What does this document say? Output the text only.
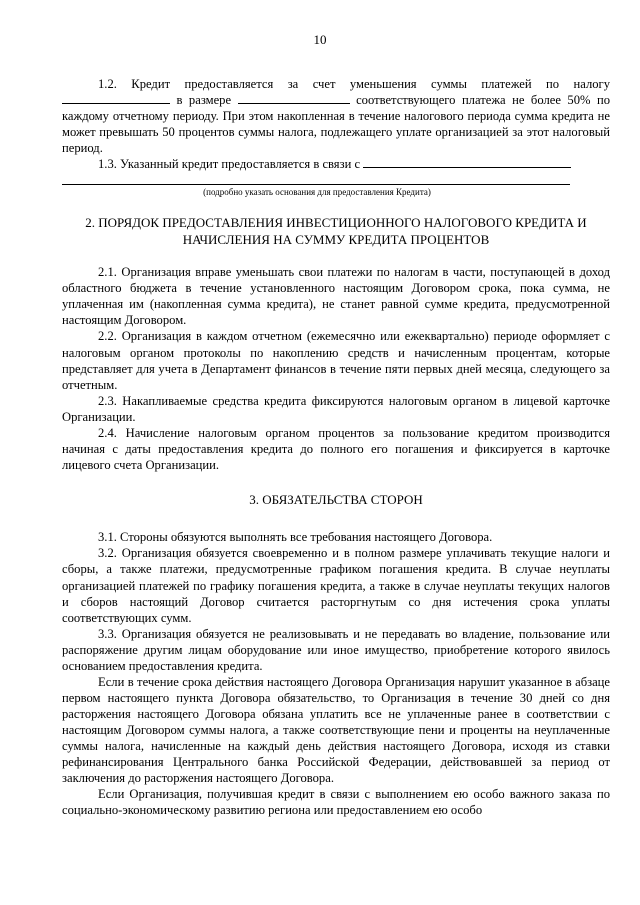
10

1.2. Кредит предоставляется за счет уменьшения суммы платежей по налогу  в размере	соответствующего платежа не более 50% по каждому отчетному периоду. При этом накопленная в течение налогового периода сумма кредита не может превышать 50 процентов суммы налога, подлежащего уплате организацией за этот налоговый период.

1.3. Указанный кредит предоставляется в связи с

(подробно указать основания для предоставления Кредита)

2. ПОРЯДОК ПРЕДОСТАВЛЕНИЯ ИНВЕСТИЦИОННОГО НАЛОГОВОГО КРЕДИТА И НАЧИСЛЕНИЯ НА СУММУ КРЕДИТА ПРОЦЕНТОВ

2.1. Организация вправе уменьшать свои платежи по налогам в части, поступающей в доход областного бюджета в течение установленного настоящим Договором срока, пока сумма, не уплаченная им (накопленная сумма кредита), не станет равной сумме кредита, предусмотренной настоящим Договором.

2.2. Организация в каждом отчетном (ежемесячно или ежеквартально) периоде оформляет с налоговым органом протоколы по накоплению средств и начисленным процентам, которые представляет для учета в Департамент финансов в течение пяти первых дней месяца, следующего за отчетным.

2.3. Накапливаемые средства кредита фиксируются налоговым органом в лицевой карточке Организации.

2.4. Начисление налоговым органом процентов за пользование кредитом производится начиная с даты предоставления кредита до полного его погашения и фиксируется в карточке лицевого счета Организации.

3. ОБЯЗАТЕЛЬСТВА СТОРОН

3.1. Стороны обязуются выполнять все требования настоящего Договора.

3.2. Организация обязуется своевременно и в полном размере уплачивать текущие налоги и сборы, а также платежи, предусмотренные графиком погашения кредита. В случае неуплаты организацией платежей по графику погашения кредита, а также в случае неуплаты текущих налогов и сборов настоящий Договор считается расторгнутым со дня истечения срока уплаты соответствующих сумм.

3.3. Организация обязуется не реализовывать и не передавать во владение, пользование или распоряжение другим лицам оборудование или иное имущество, приобретение которого явилось основанием предоставления кредита.

Если в течение срока действия настоящего Договора Организация нарушит указанное в абзаце первом настоящего пункта Договора обязательство, то Организация в течение 30 дней со дня расторжения настоящего Договора обязана уплатить все не уплаченные ранее в соответствии с настоящим Договором суммы налога, а также соответствующие пени и проценты на неуплаченные суммы налога, начисленные на каждый день действия настоящего Договора, исходя из ставки рефинансирования Центрального банка Российской Федерации, действовавшей за период от заключения до расторжения настоящего Договора.

Если Организация, получившая кредит в связи с выполнением ею особо важного заказа по социально-экономическому развитию региона или предоставлением ею особо
